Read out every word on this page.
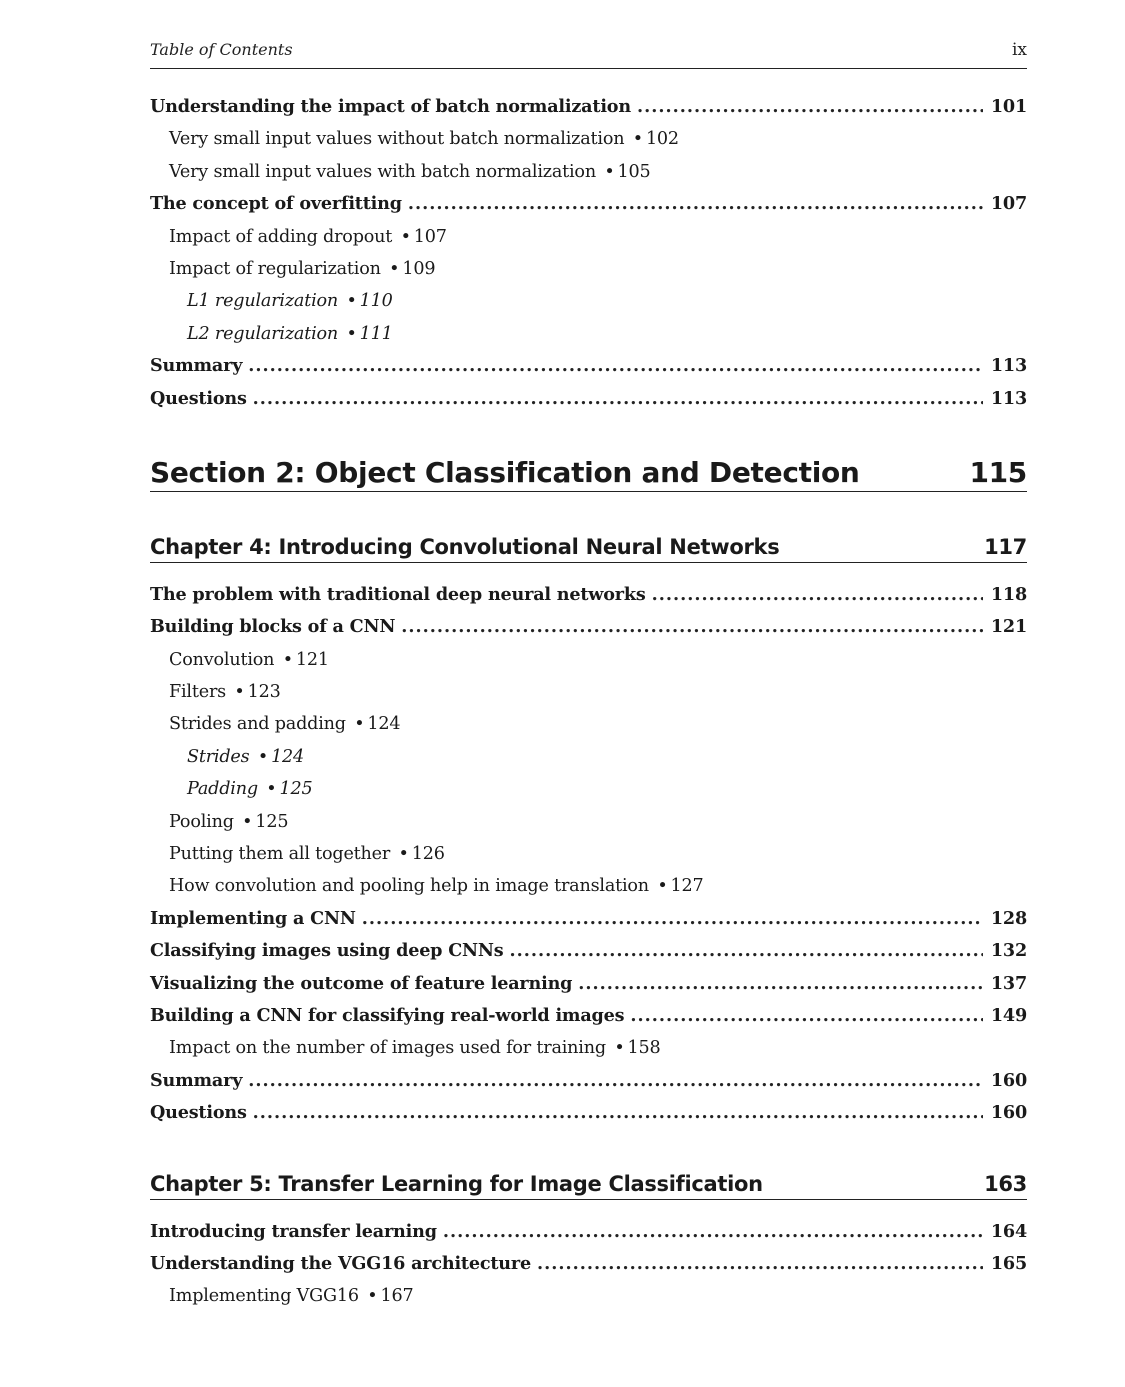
Table of Contents	ix
Understanding the impact of batch normalization .....	101
Very small input values without batch normalization • 102
Very small input values with batch normalization • 105
The concept of overfitting .....	107
Impact of adding dropout • 107
Impact of regularization • 109
L1 regularization • 110
L2 regularization • 111
Summary .....	113
Questions .....	113
Section 2: Object Classification and Detection	115
Chapter 4: Introducing Convolutional Neural Networks	117
The problem with traditional deep neural networks .....	118
Building blocks of a CNN .....	121
Convolution • 121
Filters • 123
Strides and padding • 124
Strides • 124
Padding • 125
Pooling • 125
Putting them all together • 126
How convolution and pooling help in image translation • 127
Implementing a CNN .....	128
Classifying images using deep CNNs .....	132
Visualizing the outcome of feature learning .....	137
Building a CNN for classifying real-world images .....	149
Impact on the number of images used for training • 158
Summary .....	160
Questions .....	160
Chapter 5: Transfer Learning for Image Classification	163
Introducing transfer learning .....	164
Understanding the VGG16 architecture .....	165
Implementing VGG16 • 167
